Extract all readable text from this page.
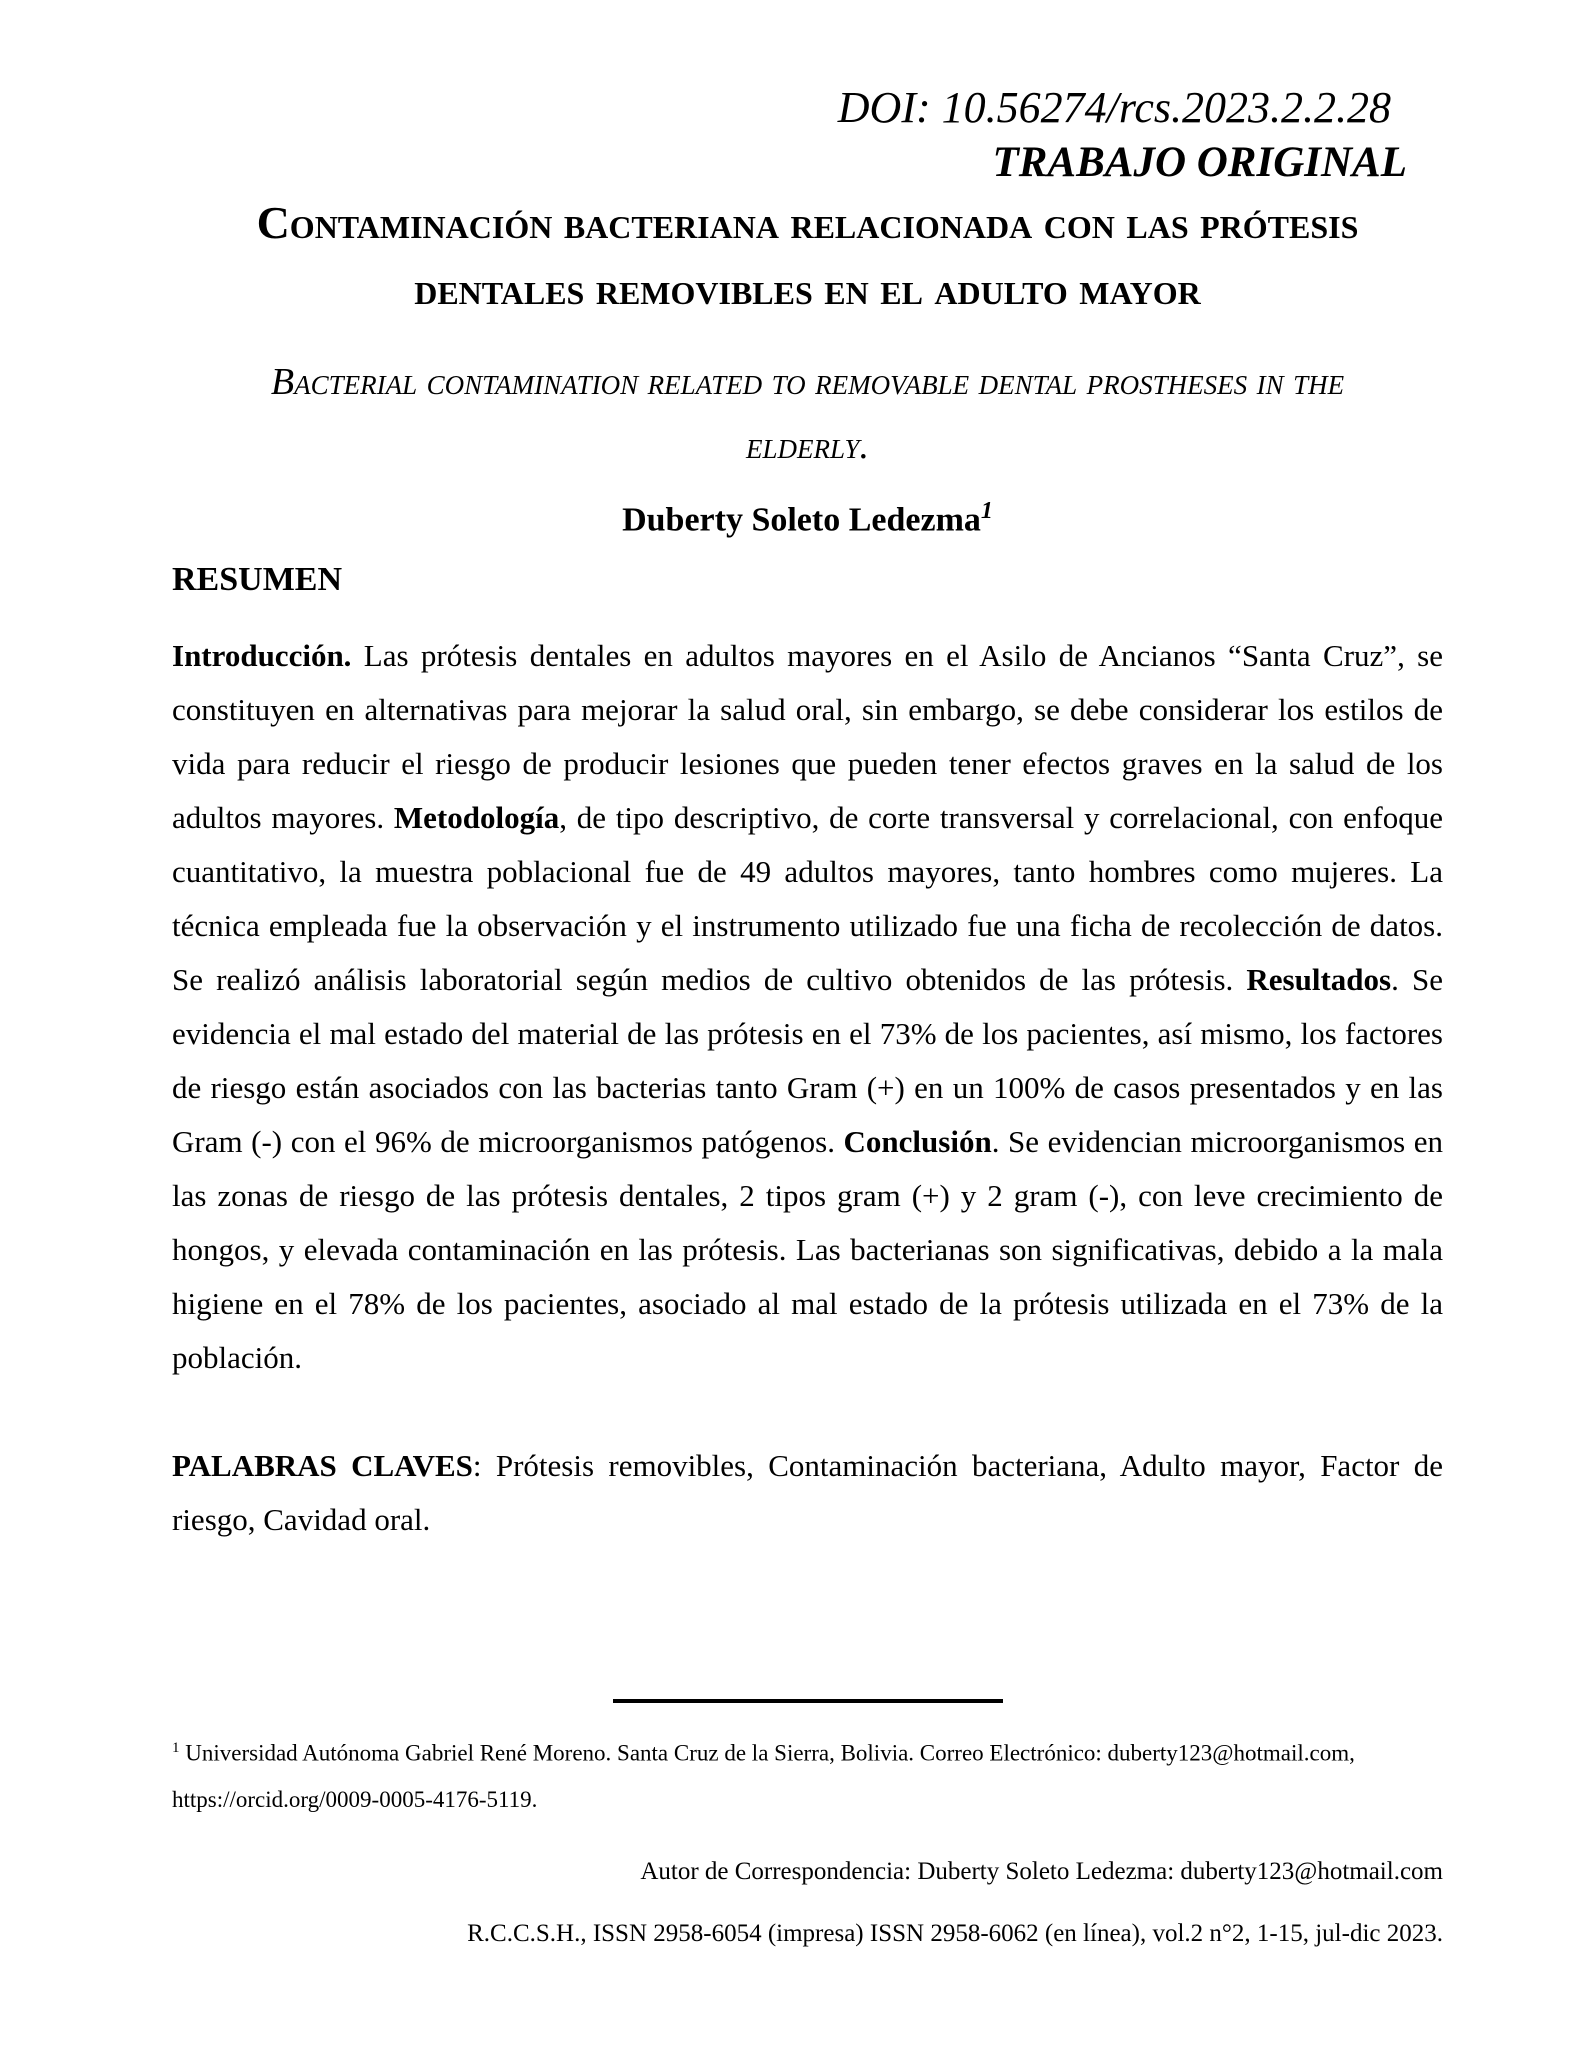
DOI: 10.56274/rcs.2023.2.2.28
TRABAJO ORIGINAL
Contaminación bacteriana relacionada con las prótesis
dentales removibles en el adulto mayor
Bacterial contamination related to removable dental prostheses in the
elderly.
Duberty Soleto Ledezma$^1$
RESUMEN
Introducción. Las prótesis dentales en adultos mayores en el Asilo de Ancianos “Santa Cruz”, se constituyen en alternativas para mejorar la salud oral, sin embargo, se debe considerar los estilos de vida para reducir el riesgo de producir lesiones que pueden tener efectos graves en la salud de los adultos mayores. Metodología, de tipo descriptivo, de corte transversal y correlacional, con enfoque cuantitativo, la muestra poblacional fue de 49 adultos mayores, tanto hombres como mujeres. La técnica empleada fue la observación y el instrumento utilizado fue una ficha de recolección de datos. Se realizó análisis laboratorial según medios de cultivo obtenidos de las prótesis. Resultados. Se evidencia el mal estado del material de las prótesis en el 73% de los pacientes, así mismo, los factores de riesgo están asociados con las bacterias tanto Gram (+) en un 100% de casos presentados y en las Gram (-) con el 96% de microorganismos patógenos. Conclusión. Se evidencian microorganismos en las zonas de riesgo de las prótesis dentales, 2 tipos gram (+) y 2 gram (-), con leve crecimiento de hongos, y elevada contaminación en las prótesis. Las bacterianas son significativas, debido a la mala higiene en el 78% de los pacientes, asociado al mal estado de la prótesis utilizada en el 73% de la población.
PALABRAS CLAVES: Prótesis removibles, Contaminación bacteriana, Adulto mayor, Factor de riesgo, Cavidad oral.
$^1$ Universidad Autónoma Gabriel René Moreno. Santa Cruz de la Sierra, Bolivia. Correo Electrónico: duberty123@hotmail.com,
https://orcid.org/0009-0005-4176-5119.
Autor de Correspondencia: Duberty Soleto Ledezma: duberty123@hotmail.com
R.C.C.S.H., ISSN 2958-6054 (impresa) ISSN 2958-6062 (en línea), vol.2 n°2, 1-15, jul-dic 2023.
